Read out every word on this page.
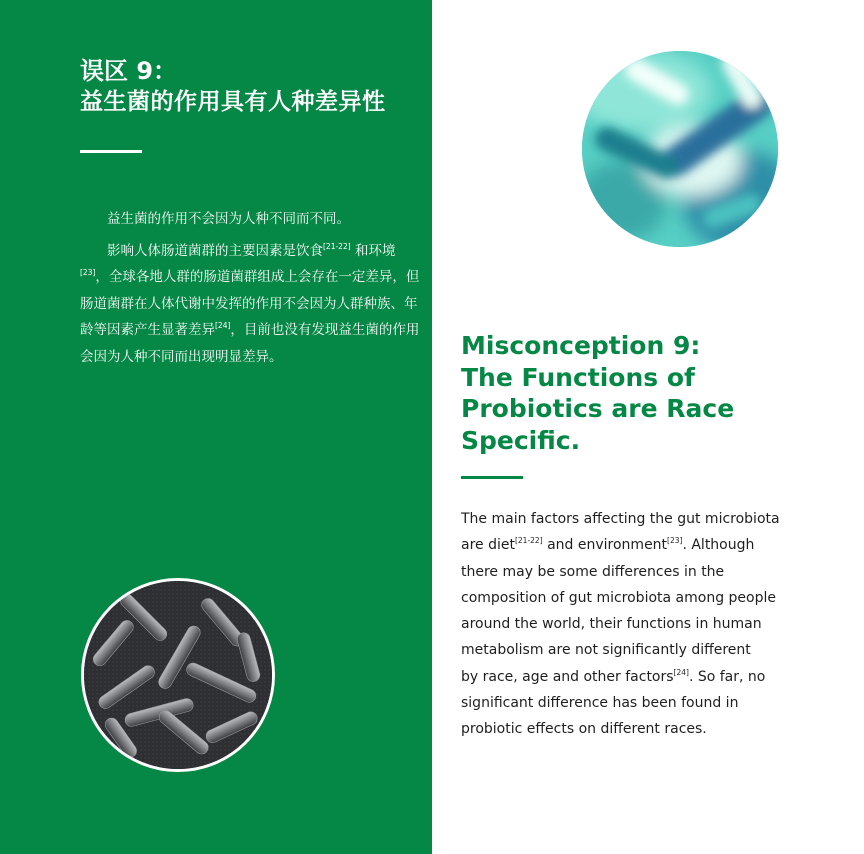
误区 9：
益生菌的作用具有人种差异性

益生菌的作用不会因为人种不同而不同。

影响人体肠道菌群的主要因素是饮食[21-22] 和环境[23]，全球各地人群的肠道菌群组成上会存在一定差异，但肠道菌群在人体代谢中发挥的作用不会因为人群种族、年龄等因素产生显著差异[24]，目前也没有发现益生菌的作用会因为人种不同而出现明显差异。	Misconception 9:
The Functions of
Probiotics are Race
Specific.
The main factors affecting the gut microbiota
are diet[21-22] and environment[23]. Although
there may be some differences in the
composition of gut microbiota among people
around the world, their functions in human
metabolism are not significantly different
by race, age and other factors[24]. So far, no
significant difference has been found in
probiotic effects on different races.
